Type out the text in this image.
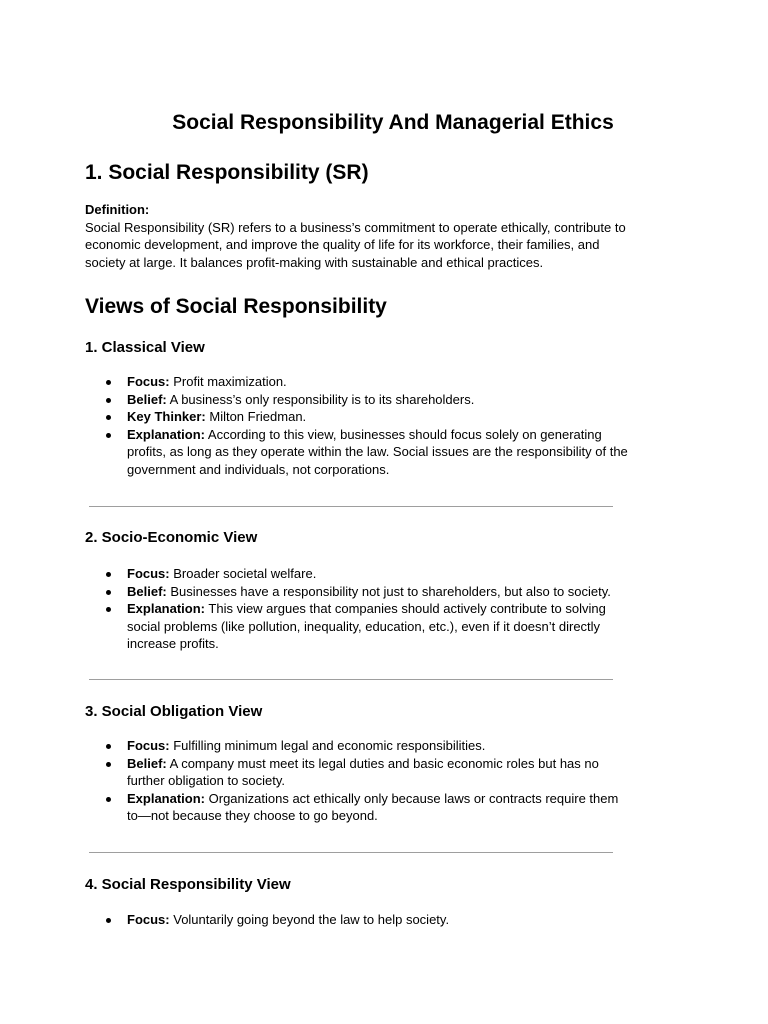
Social Responsibility And Managerial Ethics
1. Social Responsibility (SR)
Definition:
Social Responsibility (SR) refers to a business’s commitment to operate ethically, contribute to economic development, and improve the quality of life for its workforce, their families, and society at large. It balances profit-making with sustainable and ethical practices.
Views of Social Responsibility
1. Classical View
Focus: Profit maximization.
Belief: A business’s only responsibility is to its shareholders.
Key Thinker: Milton Friedman.
Explanation: According to this view, businesses should focus solely on generating profits, as long as they operate within the law. Social issues are the responsibility of the government and individuals, not corporations.
2. Socio-Economic View
Focus: Broader societal welfare.
Belief: Businesses have a responsibility not just to shareholders, but also to society.
Explanation: This view argues that companies should actively contribute to solving social problems (like pollution, inequality, education, etc.), even if it doesn’t directly increase profits.
3. Social Obligation View
Focus: Fulfilling minimum legal and economic responsibilities.
Belief: A company must meet its legal duties and basic economic roles but has no further obligation to society.
Explanation: Organizations act ethically only because laws or contracts require them to—not because they choose to go beyond.
4. Social Responsibility View
Focus: Voluntarily going beyond the law to help society.
